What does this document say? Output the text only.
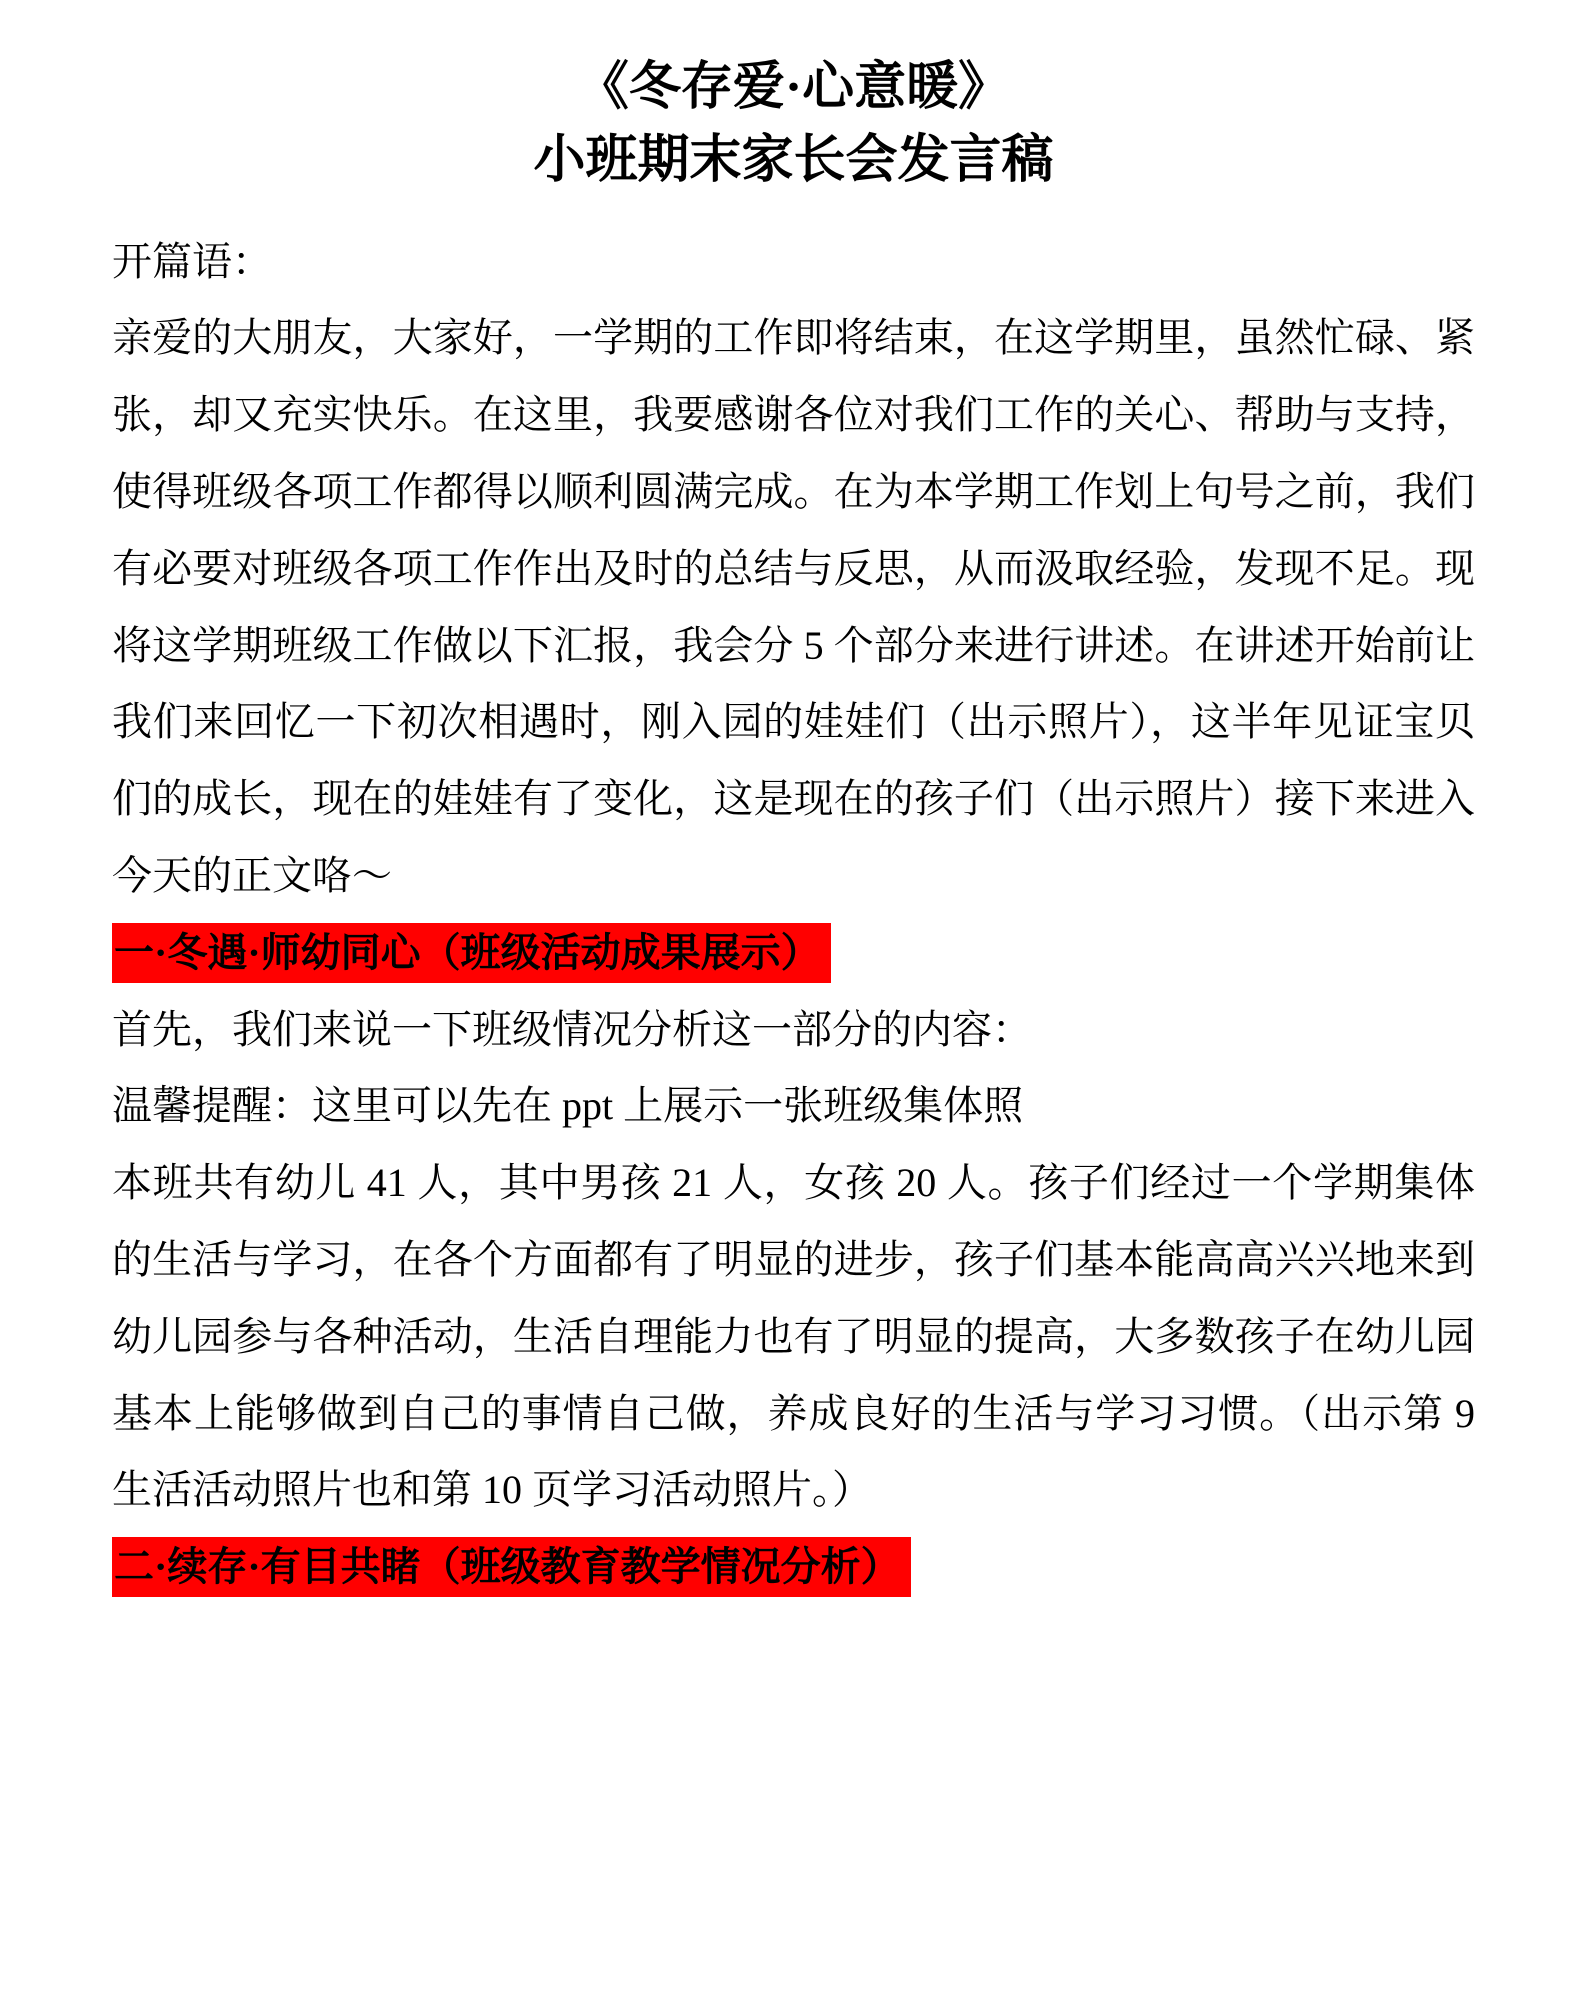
《冬存爱·心意暖》
小班期末家长会发言稿

开篇语：

亲爱的大朋友，大家好，一学期的工作即将结束，在这学期里，虽然忙碌、紧张，却又充实快乐。在这里，我要感谢各位对我们工作的关心、帮助与支持，使得班级各项工作都得以顺利圆满完成。在为本学期工作划上句号之前，我们有必要对班级各项工作作出及时的总结与反思，从而汲取经验，发现不足。现将这学期班级工作做以下汇报，我会分 5 个部分来进行讲述。在讲述开始前让我们来回忆一下初次相遇时，刚入园的娃娃们（出示照片），这半年见证宝贝们的成长，现在的娃娃有了变化，这是现在的孩子们（出示照片）接下来进入今天的正文咯～

一·冬遇·师幼同心（班级活动成果展示）

首先，我们来说一下班级情况分析这一部分的内容：

温馨提醒：这里可以先在 ppt 上展示一张班级集体照

本班共有幼儿 41 人，其中男孩 21 人，女孩 20 人。孩子们经过一个学期集体的生活与学习，在各个方面都有了明显的进步，孩子们基本能高高兴兴地来到幼儿园参与各种活动，生活自理能力也有了明显的提高，大多数孩子在幼儿园基本上能够做到自己的事情自己做，养成良好的生活与学习习惯。（出示第 9 生活活动照片也和第 10 页学习活动照片。）

二·续存·有目共睹（班级教育教学情况分析）
